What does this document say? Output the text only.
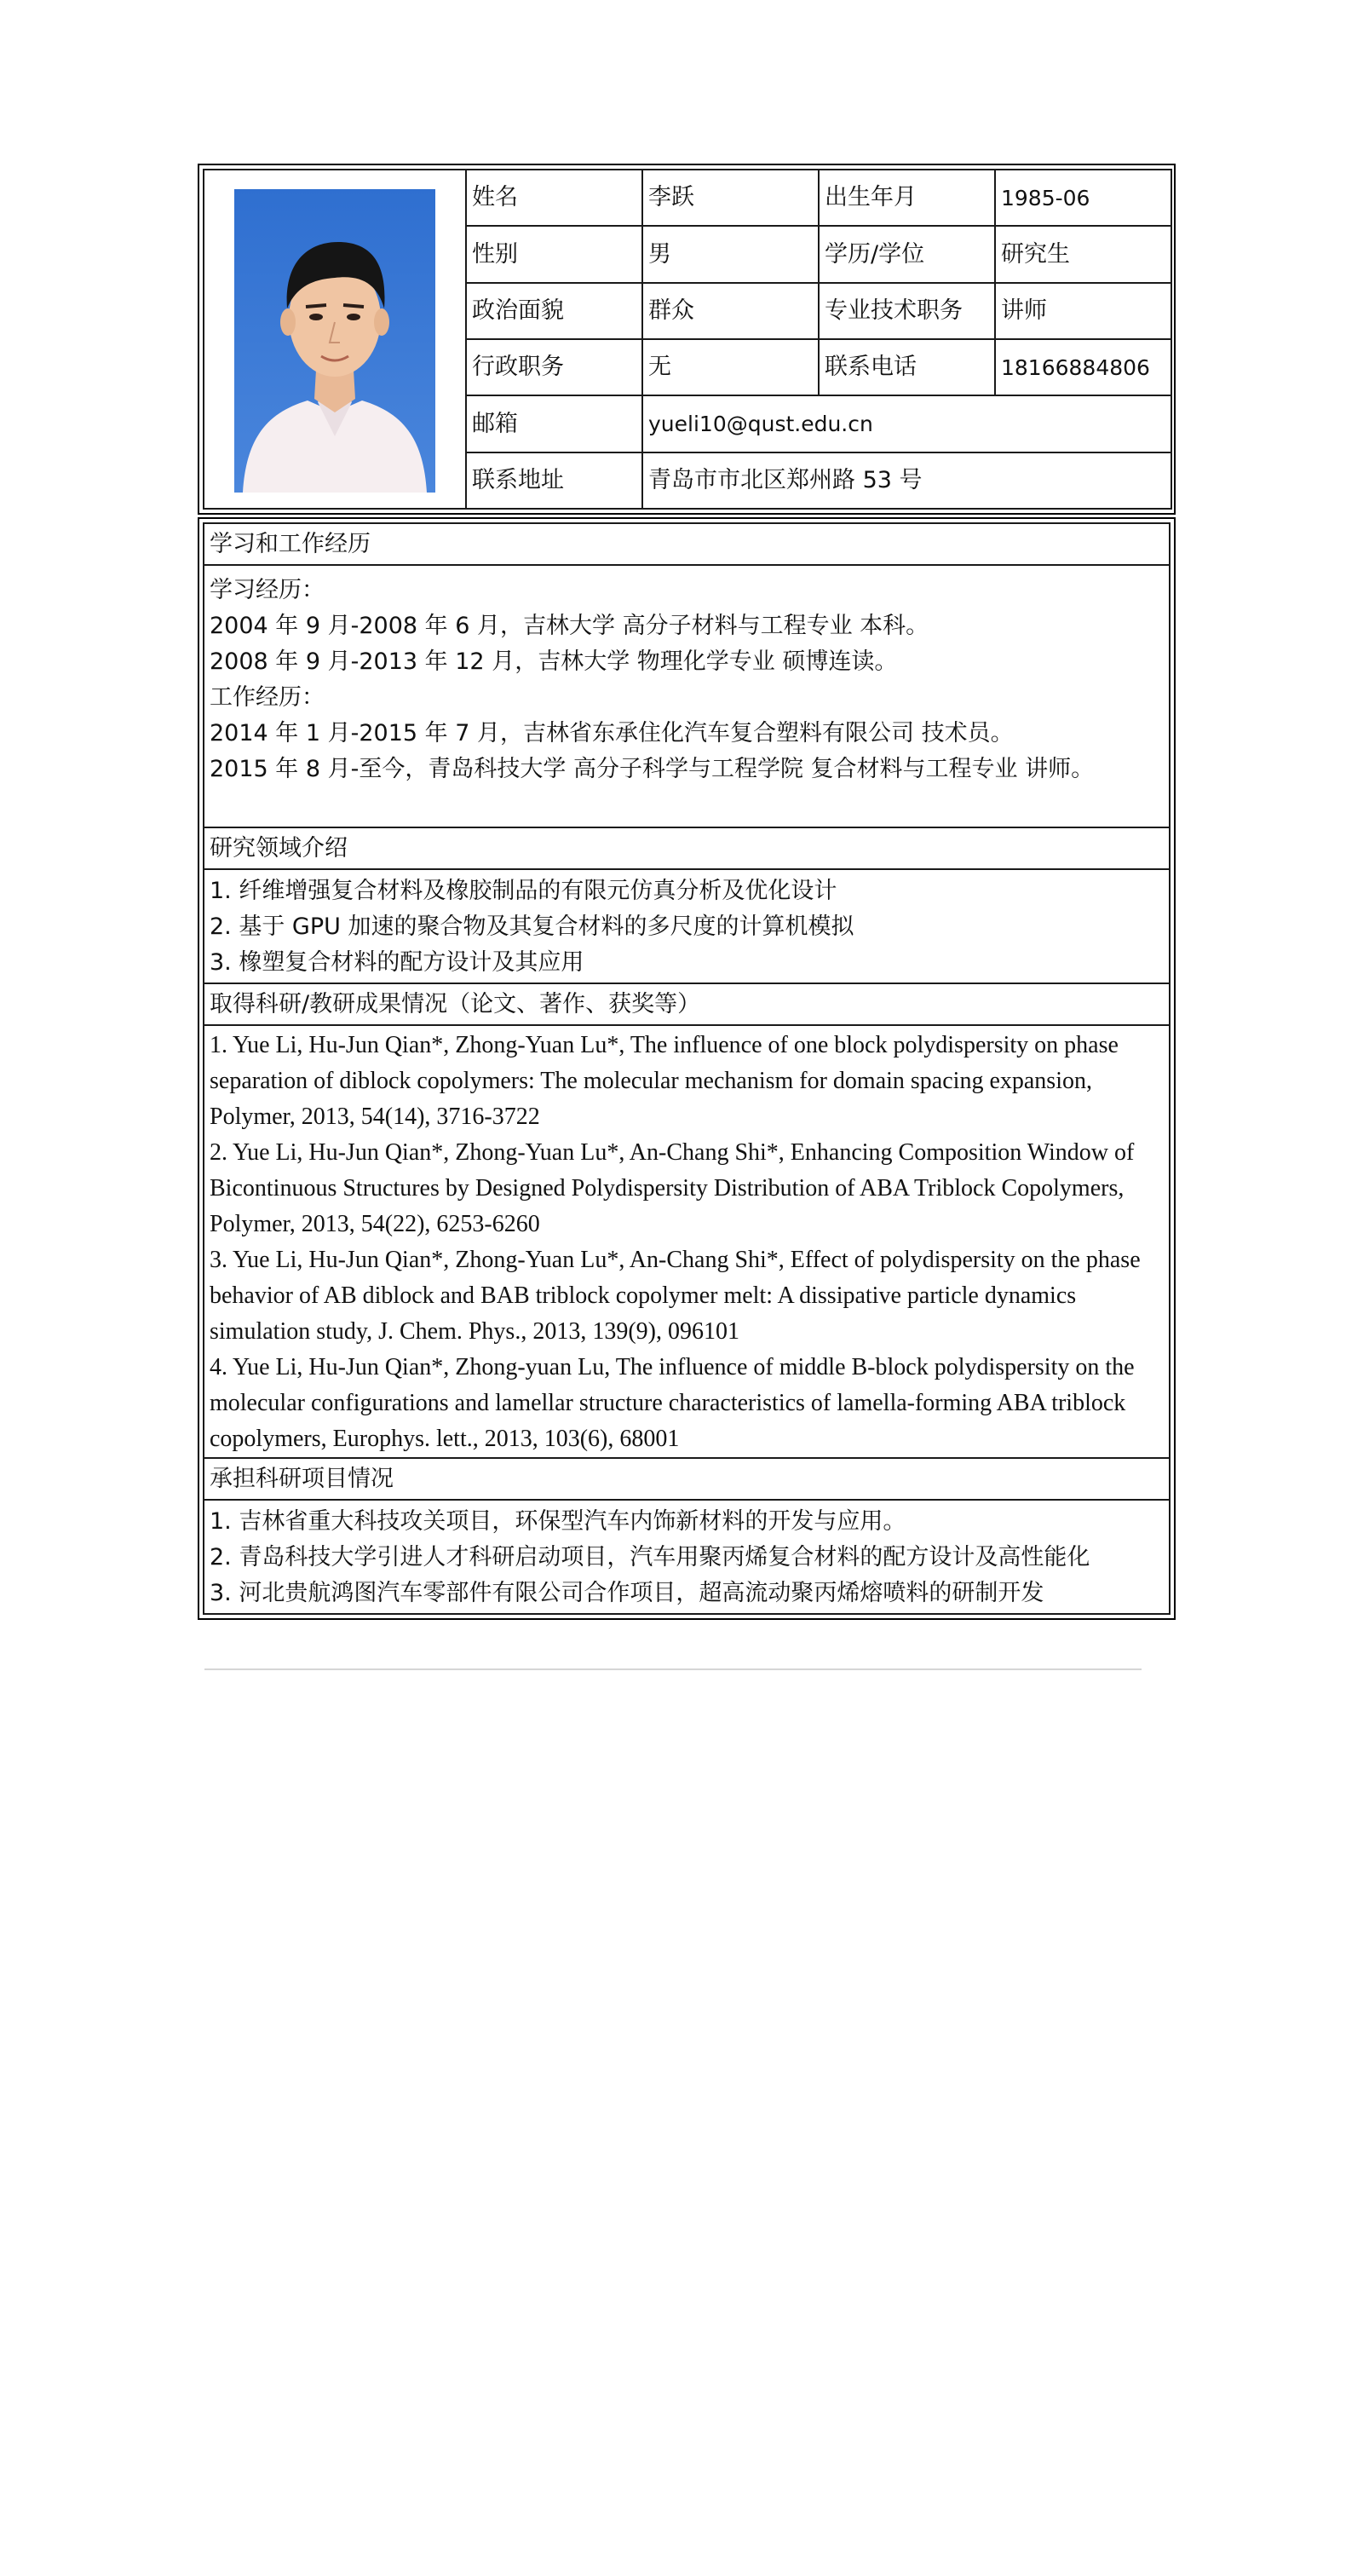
	姓名	李跃	出生年月	1985-06
	性别	男	学历/学位	研究生
	政治面貌	群众	专业技术职务	讲师
	行政职务	无	联系电话	18166884806
	邮箱	yueli10@qust.edu.cn		
	联系地址	青岛市市北区郑州路 53 号		
学习和工作经历

学习经历：
2004 年 9 月-2008 年 6 月，吉林大学 高分子材料与工程专业 本科。
2008 年 9 月-2013 年 12 月，吉林大学 物理化学专业 硕博连读。
工作经历：
2014 年 1 月-2015 年 7 月，吉林省东承住化汽车复合塑料有限公司 技术员。
2015 年 8 月-至今，青岛科技大学 高分子科学与工程学院 复合材料与工程专业 讲师。

研究领域介绍

1. 纤维增强复合材料及橡胶制品的有限元仿真分析及优化设计
2. 基于 GPU 加速的聚合物及其复合材料的多尺度的计算机模拟
3. 橡塑复合材料的配方设计及其应用

取得科研/教研成果情况（论文、著作、获奖等）

1. Yue Li, Hu-Jun Qian*, Zhong-Yuan Lu*, The influence of one block polydispersity on phase
separation of diblock copolymers: The molecular mechanism for domain spacing expansion,
Polymer, 2013, 54(14), 3716-3722
2. Yue Li, Hu-Jun Qian*, Zhong-Yuan Lu*, An-Chang Shi*, Enhancing Composition Window of
Bicontinuous Structures by Designed Polydispersity Distribution of ABA Triblock Copolymers,
Polymer, 2013, 54(22), 6253-6260
3. Yue Li, Hu-Jun Qian*, Zhong-Yuan Lu*, An-Chang Shi*, Effect of polydispersity on the phase
behavior of AB diblock and BAB triblock copolymer melt: A dissipative particle dynamics
simulation study, J. Chem. Phys., 2013, 139(9), 096101
4. Yue Li, Hu-Jun Qian*, Zhong-yuan Lu, The influence of middle B-block polydispersity on the
molecular configurations and lamellar structure characteristics of lamella-forming ABA triblock
copolymers, Europhys. lett., 2013, 103(6), 68001

承担科研项目情况

1. 吉林省重大科技攻关项目，环保型汽车内饰新材料的开发与应用。
2. 青岛科技大学引进人才科研启动项目，汽车用聚丙烯复合材料的配方设计及高性能化
3. 河北贵航鸿图汽车零部件有限公司合作项目，超高流动聚丙烯熔喷料的研制开发
